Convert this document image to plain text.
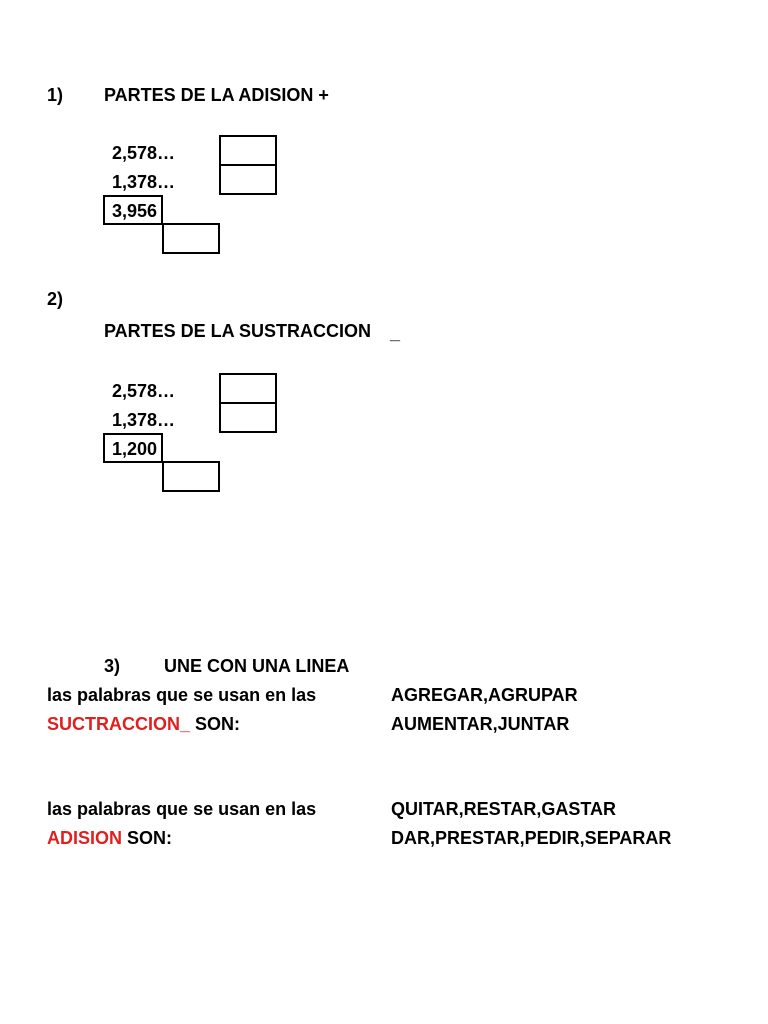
1) PARTES DE LA ADISION +
2,578…
1,378…
3,956
2)
PARTES DE LA SUSTRACCION _
2,578…
1,378…
1,200
3) UNE CON UNA LINEA
las palabras que se usan en las
SUCTRACCION_ SON:
AGREGAR,AGRUPAR
AUMENTAR,JUNTAR
las palabras que se usan en las
ADISION SON:
QUITAR,RESTAR,GASTAR
DAR,PRESTAR,PEDIR,SEPARAR
